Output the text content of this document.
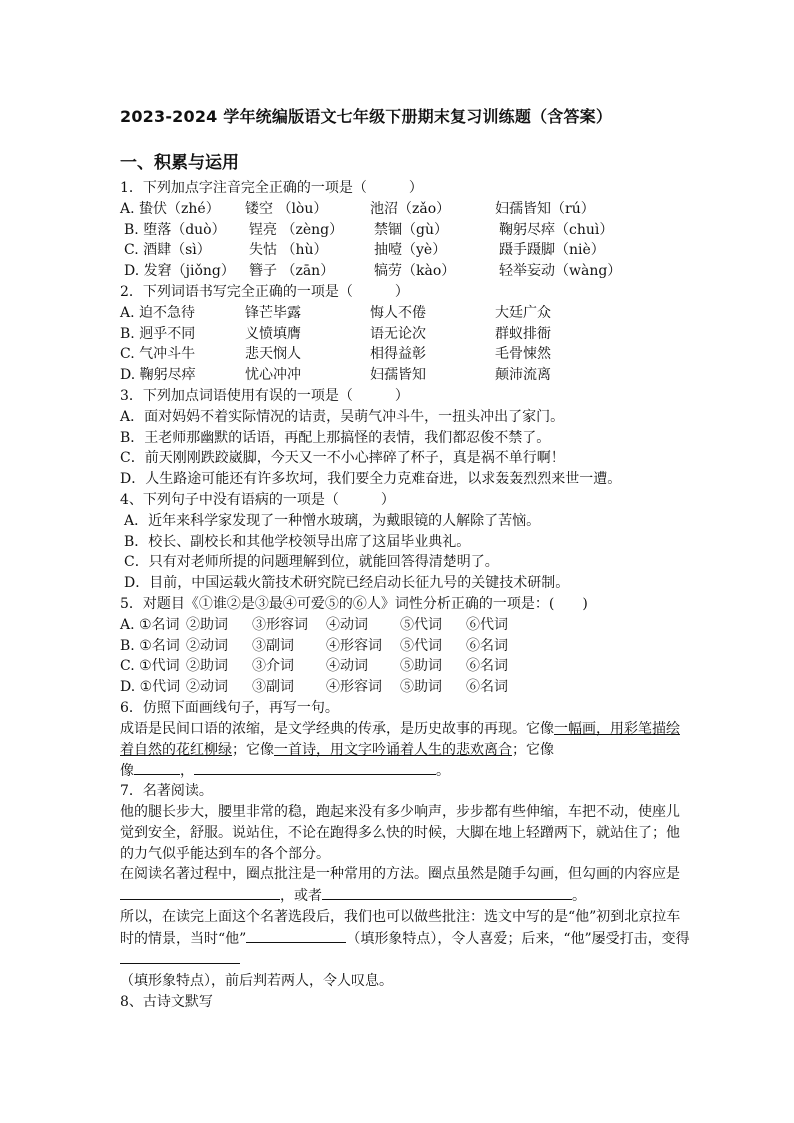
2023-2024 学年统编版语文七年级下册期末复习训练题（含答案）
一、积累与运用
1．下列加点字注音完全正确的一项是（　　　）
A. 蛰伏（zhé） 镂空 （lòu）	池沼（zǎo）	妇孺皆知（rú）
B. 堕落（duò） 锃亮 （zèng） 禁锢（gù）	鞠躬尽瘁（chuì）
C. 酒肆（sì）	失怙 （hù）	抽噎（yè）	蹑手蹑脚（niè）
D. 发窘（jiǒng） 簪子 （zān）	犒劳（kào）	轻举妄动（wàng）
2．下列词语书写完全正确的一项是（　　　）
A. 迫不急待	锋芒毕露	悔人不倦	大廷广众
B. 迥乎不同	义愤填膺	语无论次	群蚁排衙
C. 气冲斗牛	悲天悯人	相得益彰	毛骨悚然
D. 鞠躬尽瘁	忧心冲冲	妇孺皆知	颠沛流离
3．下列加点词语使用有误的一项是（　　　）
A．面对妈妈不着实际情况的诘责，吴萌气冲斗牛，一扭头冲出了家门。
B．王老师那幽默的话语，再配上那搞怪的表情，我们都忍俊不禁了。
C．前天刚刚跌跤崴脚，今天又一不小心摔碎了杯子，真是祸不单行啊！
D．人生路途可能还有许多坎坷，我们要全力克难奋进，以求轰轰烈烈来世一遭。
4、下列句子中没有语病的一项是（　　　）
A．近年来科学家发现了一种憎水玻璃，为戴眼镜的人解除了苦恼。
B．校长、副校长和其他学校领导出席了这届毕业典礼。
C．只有对老师所提的问题理解到位，就能回答得清楚明了。
D．目前，中国运载火箭技术研究院已经启动长征九号的关键技术研制。
5．对题目《①谁②是③最④可爱⑤的⑥人》词性分析正确的一项是：(　　)
A. ①名词 ②助词 ③形容词 ④动词 ⑤代词 ⑥代词
B. ①名词 ②动词 ③副词 ④形容词 ⑤代词 ⑥名词
C. ①代词 ②助词 ③介词 ④动词 ⑤助词 ⑥名词
D. ①代词 ②动词 ③副词 ④形容词 ⑤助词 ⑥名词
6．仿照下面画线句子，再写一句。
成语是民间口语的浓缩，是文学经典的传承，是历史故事的再现。它像一幅画，用彩笔描绘着自然的花红柳绿；它像一首诗，用文字吟诵着人生的悲欢离合；它像
像	，	。
7．名著阅读。
他的腿长步大，腰里非常的稳，跑起来没有多少响声，步步都有些伸缩，车把不动，使座儿觉到安全，舒服。说站住，不论在跑得多么快的时候，大脚在地上轻蹭两下，就站住了；他的力气似乎能达到车的各个部分。
在阅读名著过程中，圈点批注是一种常用的方法。圈点虽然是随手勾画，但勾画的内容应是，或者	。
所以，在读完上面这个名著选段后，我们也可以做些批注：选文中写的是“他”初到北京拉车时的情景，当时“他”	（填形象特点），令人喜爱；后来，“他”屡受打击，变得
（填形象特点），前后判若两人，令人叹息。
8、古诗文默写
